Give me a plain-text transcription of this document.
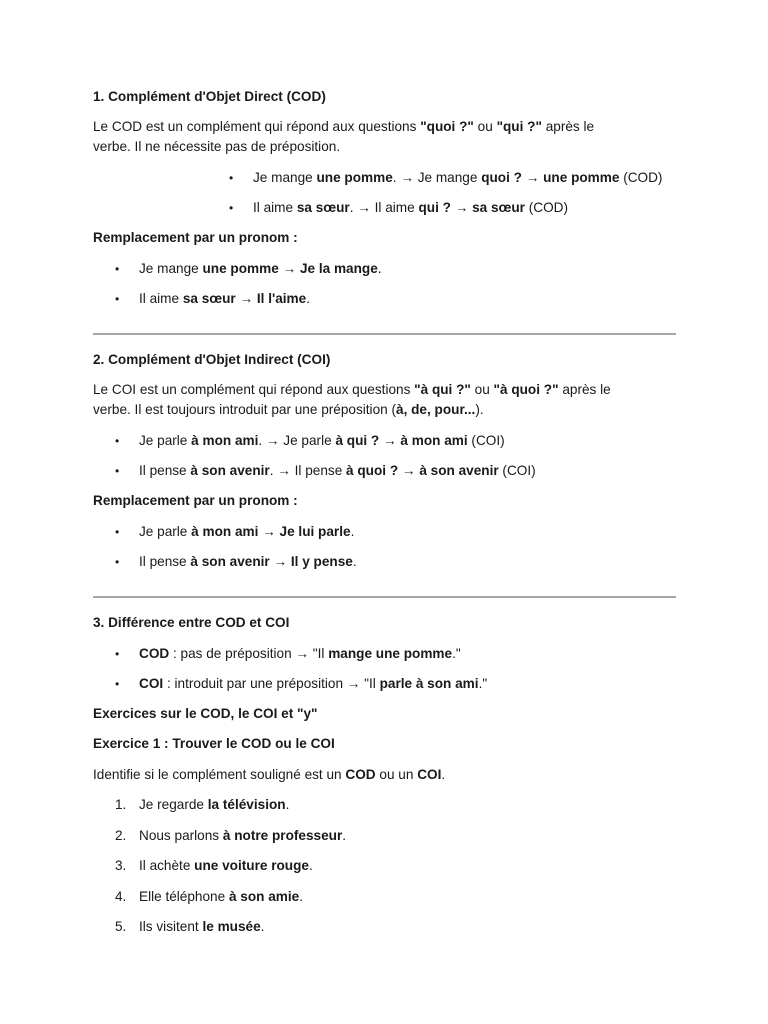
1. Complément d'Objet Direct (COD)
Le COD est un complément qui répond aux questions "quoi ?" ou "qui ?" après le
verbe. Il ne nécessite pas de préposition.
• Je mange une pomme. → Je mange quoi ? → une pomme (COD)
• Il aime sa sœur. → Il aime qui ? → sa sœur (COD)
Remplacement par un pronom :
• Je mange une pomme → Je la mange.
• Il aime sa sœur → Il l'aime.
2. Complément d'Objet Indirect (COI)
Le COI est un complément qui répond aux questions "à qui ?" ou "à quoi ?" après le
verbe. Il est toujours introduit par une préposition (à, de, pour...).
• Je parle à mon ami. → Je parle à qui ? → à mon ami (COI)
• Il pense à son avenir. → Il pense à quoi ? → à son avenir (COI)
Remplacement par un pronom :
• Je parle à mon ami → Je lui parle.
• Il pense à son avenir → Il y pense.
3. Différence entre COD et COI
• COD : pas de préposition → "Il mange une pomme."
• COI : introduit par une préposition → "Il parle à son ami."
Exercices sur le COD, le COI et "y"
Exercice 1 : Trouver le COD ou le COI
Identifie si le complément souligné est un COD ou un COI.
1. Je regarde la télévision.
2. Nous parlons à notre professeur.
3. Il achète une voiture rouge.
4. Elle téléphone à son amie.
5. Ils visitent le musée.
